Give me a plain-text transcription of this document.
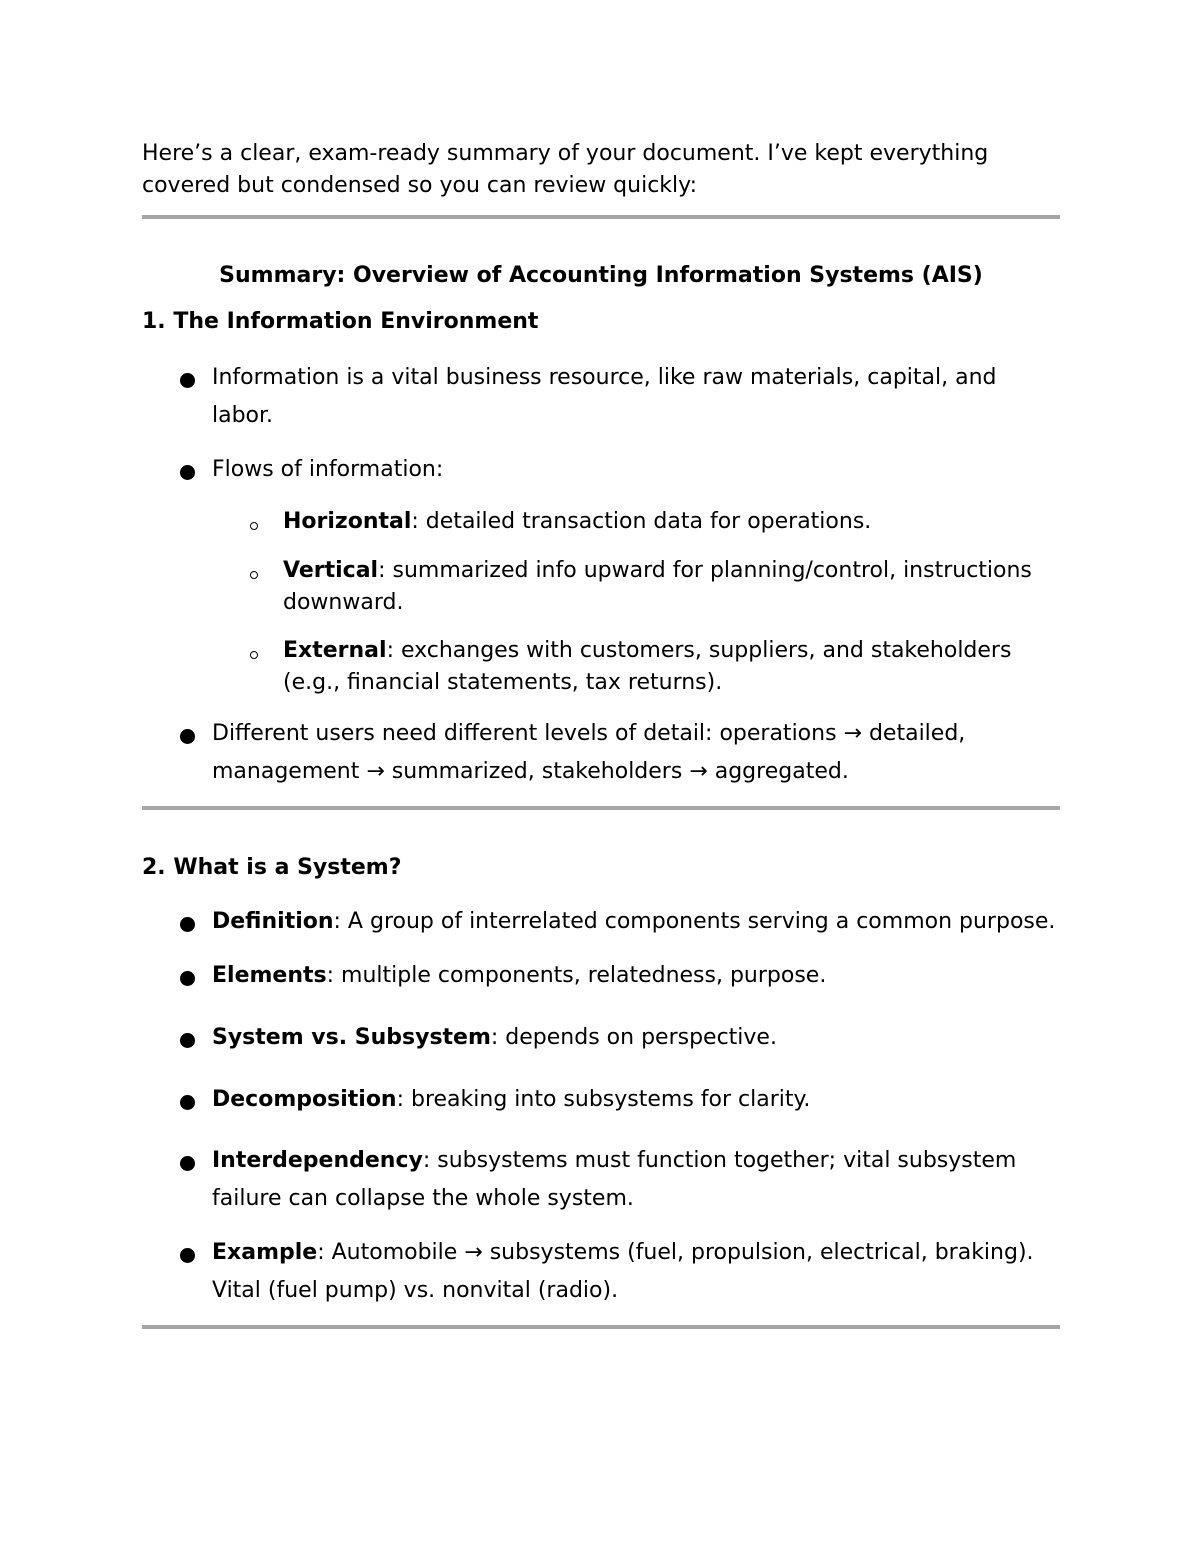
Here’s a clear, exam-ready summary of your document. I’ve kept everything covered but condensed so you can review quickly:

Summary: Overview of Accounting Information Systems (AIS)
1. The Information Environment
Information is a vital business resource, like raw materials, capital, and labor.
Flows of information:
Horizontal: detailed transaction data for operations.
Vertical: summarized info upward for planning/control, instructions downward.
External: exchanges with customers, suppliers, and stakeholders (e.g., financial statements, tax returns).
Different users need different levels of detail: operations → detailed, management → summarized, stakeholders → aggregated.
2. What is a System?
Definition: A group of interrelated components serving a common purpose.
Elements: multiple components, relatedness, purpose.
System vs. Subsystem: depends on perspective.
Decomposition: breaking into subsystems for clarity.
Interdependency: subsystems must function together; vital subsystem failure can collapse the whole system.
Example: Automobile → subsystems (fuel, propulsion, electrical, braking). Vital (fuel pump) vs. nonvital (radio).
